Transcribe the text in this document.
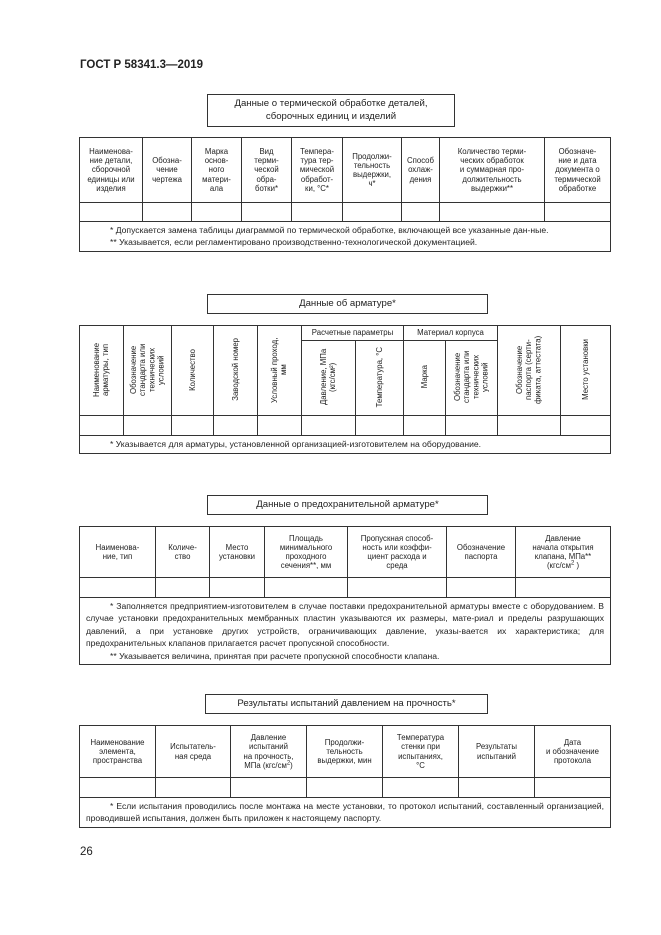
ГОСТ Р 58341.3—2019
Данные о термической обработке деталей,
сборочных единиц и изделий
Наименова-
ние детали,
сборочной
единицы или
изделия	Обозна-
чение
чертежа	Марка
основ-
ного
матери-
ала	Вид
терми-
ческой
обра-
ботки*	Темпера-
тура тер-
мической
обработ-
ки, °С*	Продолжи-
тельность
выдержки,
ч*	Способ
охлаж-
дения	Количество терми-
ческих обработок
и суммарная про-
должительность
выдержки**	Обозначе-
ние и дата
документа о
термической
обработке

* Допускается замена таблицы диаграммой по термической обработке, включающей все указанные дан-ные.

** Указывается, если регламентировано производственно-технологической документацией.								

Данные об арматуре*
Наименование арматуры, тип	Обозначение стандарта или технических условий	Количество	Заводской номер	Условный проход, мм	Расчетные параметры		Материал корпуса		Обозначение паспорта (серти-фиката, аттестата)	Место установки
					Давление, МПа (кгс/см²)	Температура, °С	Марка	Обозначение стандарта или технических условий		

* Указывается для арматуры, установленной организацией-изготовителем на оборудование.										

Данные о предохранительной арматуре*
Наименова-
ние, тип	Количе-
ство	Место
установки	Площадь
минимального
проходного
сечения**, мм	Пропускная способ-
ность или коэффи-
циент расхода и
среда	Обозначение
паспорта	Давление
начала открытия
клапана, МПа**
($кгс/см^2$ )

* Заполняется предприятием-изготовителем в случае поставки предохранительной арматуры вместе с оборудованием. В случае установки предохранительных мембранных пластин указываются их размеры, мате-риал и пределы разрушающих давлений, а при установке других устройств, ограничивающих давление, указы-вается их характеристика; для предохранительных клапанов прилагается расчет пропускной способности.

** Указывается величина, принятая при расчете пропускной способности клапана.						

Результаты испытаний давлением на прочность*
Наименование
элемента,
пространства	Испытатель-
ная среда	Давление
испытаний
на прочность,
МПа $(кгс/см^2)$	Продолжи-
тельность
выдержки, мин	Температура
стенки при
испытаниях,
°С	Результаты
испытаний	Дата
и обозначение
протокола

* Если испытания проводились после монтажа на месте установки, то протокол испытаний, составленный организацией, проводившей испытания, должен быть приложен к настоящему паспорту.						

26
